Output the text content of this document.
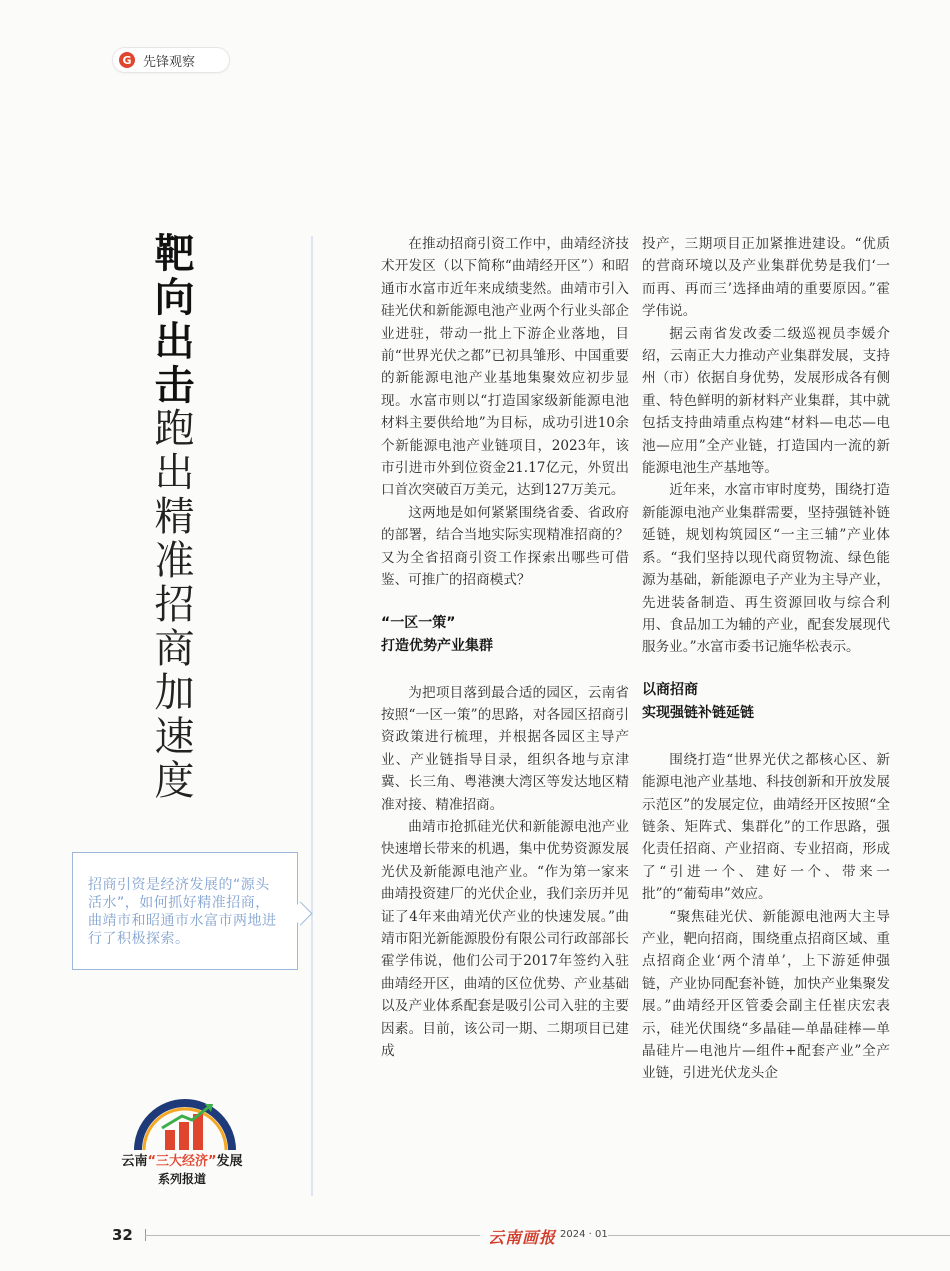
G 先锋观察
靶向出击
跑出精准招商加速度
招商引资是经济发展的“源头活水”，如何抓好精准招商，曲靖市和昭通市水富市两地进行了积极探索。
云南“三大经济”发展
系列报道

在推动招商引资工作中，曲靖经济技术开发区（以下简称“曲靖经开区”）和昭通市水富市近年来成绩斐然。曲靖市引入硅光伏和新能源电池产业两个行业头部企业进驻，带动一批上下游企业落地，目前“世界光伏之都”已初具雏形、中国重要的新能源电池产业基地集聚效应初步显现。水富市则以“打造国家级新能源电池材料主要供给地”为目标，成功引进10余个新能源电池产业链项目，2023年，该市引进市外到位资金21.17亿元，外贸出口首次突破百万美元，达到127万美元。

这两地是如何紧紧围绕省委、省政府的部署，结合当地实际实现精准招商的？又为全省招商引资工作探索出哪些可借鉴、可推广的招商模式？

“一区一策”
打造优势产业集群

为把项目落到最合适的园区，云南省按照“一区一策”的思路，对各园区招商引资政策进行梳理，并根据各园区主导产业、产业链指导目录，组织各地与京津冀、长三角、粤港澳大湾区等发达地区精准对接、精准招商。

曲靖市抢抓硅光伏和新能源电池产业快速增长带来的机遇，集中优势资源发展光伏及新能源电池产业。“作为第一家来曲靖投资建厂的光伏企业，我们亲历并见证了4年来曲靖光伏产业的快速发展。”曲靖市阳光新能源股份有限公司行政部部长霍学伟说，他们公司于2017年签约入驻曲靖经开区，曲靖的区位优势、产业基础以及产业体系配套是吸引公司入驻的主要因素。目前，该公司一期、二期项目已建成

投产，三期项目正加紧推进建设。“优质的营商环境以及产业集群优势是我们‘一而再、再而三’选择曲靖的重要原因。”霍学伟说。

据云南省发改委二级巡视员李媛介绍，云南正大力推动产业集群发展，支持州（市）依据自身优势，发展形成各有侧重、特色鲜明的新材料产业集群，其中就包括支持曲靖重点构建“材料—电芯—电池—应用”全产业链，打造国内一流的新能源电池生产基地等。

近年来，水富市审时度势，围绕打造新能源电池产业集群需要，坚持强链补链延链，规划构筑园区“一主三辅”产业体系。“我们坚持以现代商贸物流、绿色能源为基础，新能源电子产业为主导产业，先进装备制造、再生资源回收与综合利用、食品加工为辅的产业，配套发展现代服务业。”水富市委书记施华松表示。

以商招商
实现强链补链延链

围绕打造“世界光伏之都核心区、新能源电池产业基地、科技创新和开放发展示范区”的发展定位，曲靖经开区按照“全链条、矩阵式、集群化”的工作思路，强化责任招商、产业招商、专业招商，形成了“引进一个、建好一个、带来一批”的“葡萄串”效应。

“聚焦硅光伏、新能源电池两大主导产业，靶向招商，围绕重点招商区域、重点招商企业‘两个清单’，上下游延伸强链，产业协同配套补链，加快产业集聚发展。”曲靖经开区管委会副主任崔庆宏表示，硅光伏围绕“多晶硅—单晶硅棒—单晶硅片—电池片—组件+配套产业”全产业链，引进光伏龙头企

32	云南画报 2024 · 01
